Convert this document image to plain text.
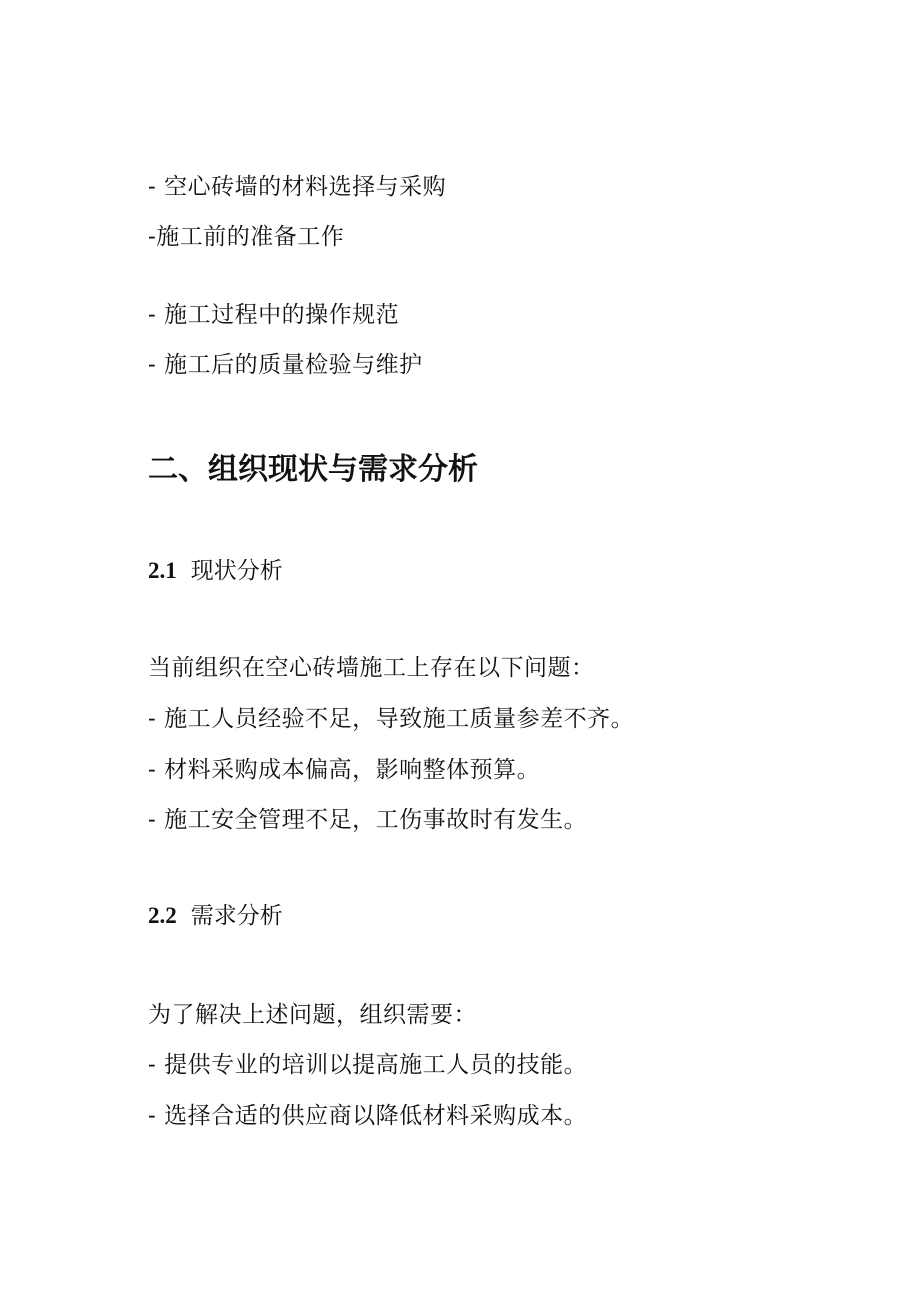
- 空心砖墙的材料选择与采购
-施工前的准备工作
- 施工过程中的操作规范
- 施工后的质量检验与维护
二、组织现状与需求分析
2.1 现状分析
当前组织在空心砖墙施工上存在以下问题：
- 施工人员经验不足，导致施工质量参差不齐。
- 材料采购成本偏高，影响整体预算。
- 施工安全管理不足，工伤事故时有发生。
2.2 需求分析
为了解决上述问题，组织需要：
- 提供专业的培训以提高施工人员的技能。
- 选择合适的供应商以降低材料采购成本。
